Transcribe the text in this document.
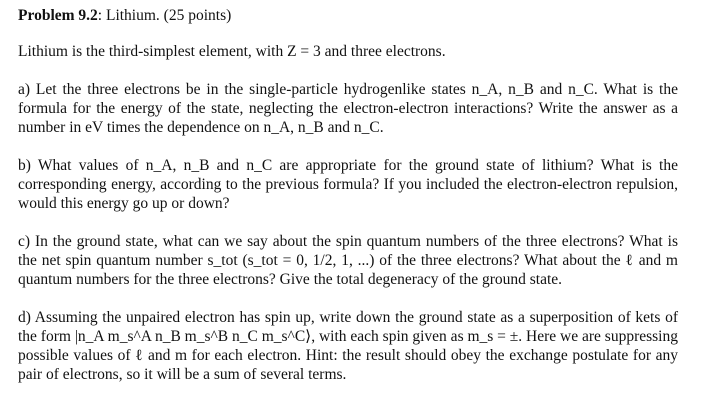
Problem 9.2: Lithium. (25 points)

Lithium is the third-simplest element, with Z = 3 and three electrons.

a) Let the three electrons be in the single-particle hydrogenlike states n_A, n_B and n_C. What is the formula for the energy of the state, neglecting the electron-electron interactions? Write the answer as a number in eV times the dependence on n_A, n_B and n_C.

b) What values of n_A, n_B and n_C are appropriate for the ground state of lithium? What is the corresponding energy, according to the previous formula? If you included the electron-electron repulsion, would this energy go up or down?

c) In the ground state, what can we say about the spin quantum numbers of the three electrons? What is the net spin quantum number s_tot (s_tot = 0, 1/2, 1, ...) of the three electrons? What about the ℓ and m quantum numbers for the three electrons? Give the total degeneracy of the ground state.

d) Assuming the unpaired electron has spin up, write down the ground state as a superposition of kets of the form |n_A m_s^A n_B m_s^B n_C m_s^C⟩, with each spin given as m_s = ±. Here we are suppressing possible values of ℓ and m for each electron. Hint: the result should obey the exchange postulate for any pair of electrons, so it will be a sum of several terms.
